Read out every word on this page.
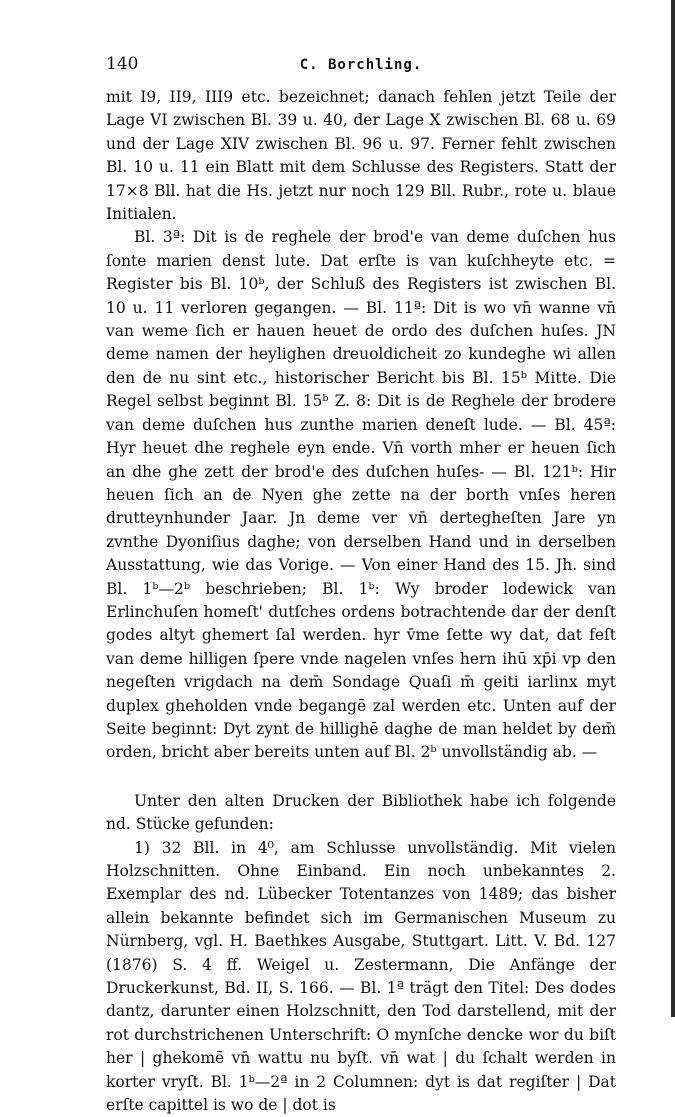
140	C. Borchling.

mit I9, II9, III9 etc. bezeichnet; danach fehlen jetzt Teile der Lage VI zwischen Bl. 39 u. 40, der Lage X zwischen Bl. 68 u. 69 und der Lage XIV zwischen Bl. 96 u. 97. Ferner fehlt zwischen Bl. 10 u. 11 ein Blatt mit dem Schlusse des Registers. Statt der 17×8 Bll. hat die Hs. jetzt nur noch 129 Bll. Rubr., rote u. blaue Initialen.

Bl. 3ª: Dit is de reghele der brod'e van deme duſchen hus ſonte marien denst lute. Dat erſte is van kuſchheyte etc. = Register bis Bl. 10ᵇ, der Schluß des Registers ist zwischen Bl. 10 u. 11 verloren gegangen. — Bl. 11ª: Dit is wo vn̄ wanne vn̄ van weme ſich er hauen heuet de ordo des duſchen huſes. JN deme namen der heylighen dreuoldicheit zo kundeghe wi allen den de nu sint etc., historischer Bericht bis Bl. 15ᵇ Mitte. Die Regel selbst beginnt Bl. 15ᵇ Z. 8: Dit is de Reghele der brodere van deme duſchen hus zunthe marien deneſt lude. — Bl. 45ª: Hyr heuet dhe reghele eyn ende. Vn̄ vorth mher er heuen ſich an dhe ghe zett der brod'e des duſchen huſes- — Bl. 121ᵇ: Hir heuen ſich an de Nyen ghe zette na der borth vnſes heren drutteynhunder Jaar. Jn deme ver vn̄ dertegheſten Jare yn zvnthe Dyoniſius daghe; von derselben Hand und in derselben Ausstattung, wie das Vorige. — Von einer Hand des 15. Jh. sind Bl. 1ᵇ—2ᵇ beschrieben; Bl. 1ᵇ: Wy broder lodewick van Erlinchuſen homeſt' dutſches ordens botrachtende dar der denſt godes altyt ghemert ſal werden. hyr v̄me ſette wy dat, dat feſt van deme hilligen ſpere vnde nagelen vnſes hern ihū xp̄i vp den negeſten vrigdach na dem̄ Sondage Quaſi m̄ geiti iarlinx myt duplex gheholden vnde begangē zal werden etc. Unten auf der Seite beginnt: Dyt zynt de hillighē daghe de man heldet by dem̄ orden, bricht aber bereits unten auf Bl. 2ᵇ unvollständig ab. —

Unter den alten Drucken der Bibliothek habe ich folgende nd. Stücke gefunden:

1) 32 Bll. in 4⁰, am Schlusse unvollständig. Mit vielen Holzschnitten. Ohne Einband. Ein noch unbekanntes 2. Exemplar des nd. Lübecker Totentanzes von 1489; das bisher allein bekannte befindet sich im Germanischen Museum zu Nürnberg, vgl. H. Baethkes Ausgabe, Stuttgart. Litt. V. Bd. 127 (1876) S. 4 ff. Weigel u. Zestermann, Die Anfänge der Druckerkunst, Bd. II, S. 166. — Bl. 1ª trägt den Titel: Des dodes dantz, darunter einen Holzschnitt, den Tod darstellend, mit der rot durchstrichenen Unterschrift: O mynſche dencke wor du biſt her | ghekomē vn̄ wattu nu byſt. vn̄ wat | du ſchalt werden in korter vryſt. Bl. 1ᵇ—2ª in 2 Columnen: dyt is dat regiſter | Dat erſte capittel is wo de | dot is
